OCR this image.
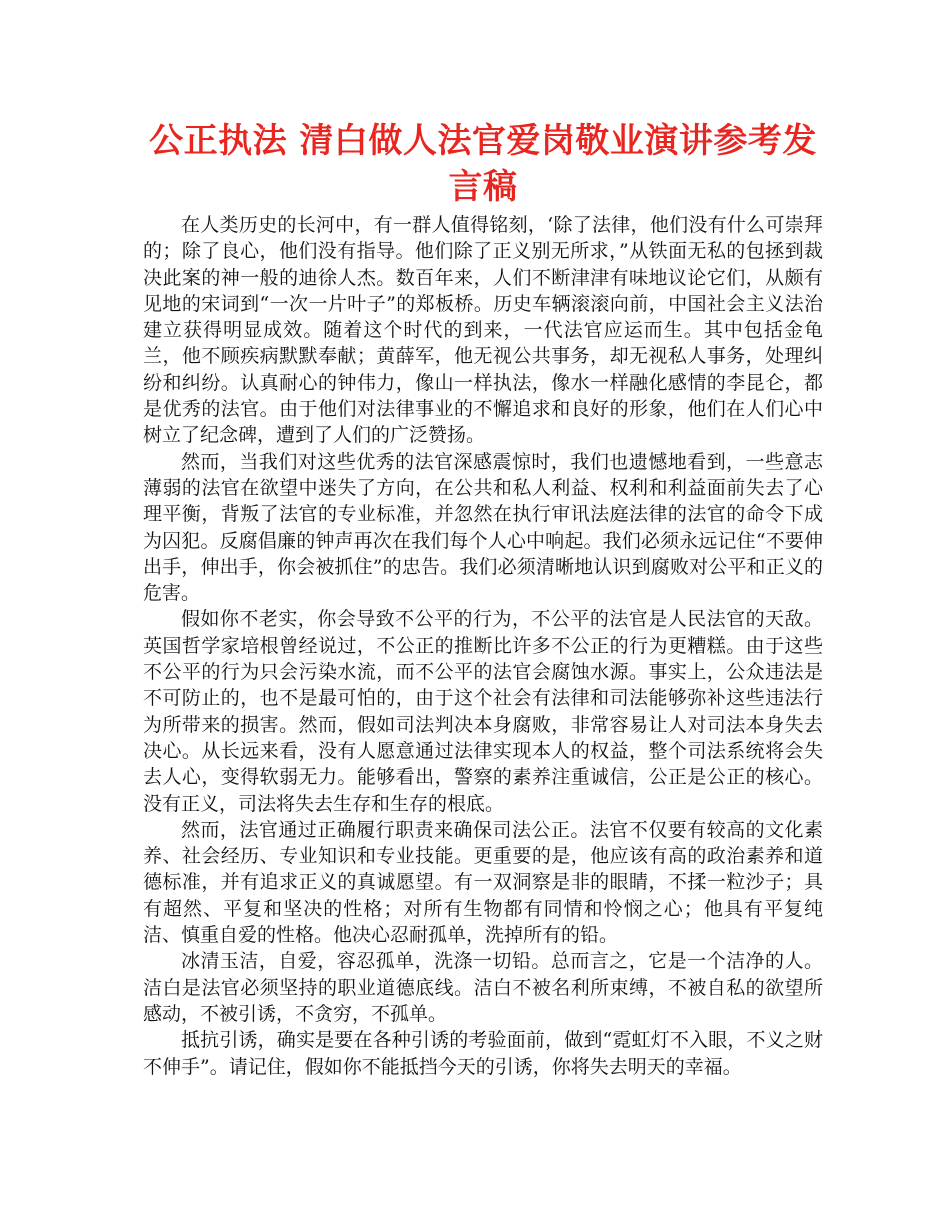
公正执法 清白做人法官爱岗敬业演讲参考发言稿

在人类历史的长河中，有一群人值得铭刻，‘除了法律，他们没有什么可崇拜的；除了良心，他们没有指导。他们除了正义别无所求，”从铁面无私的包拯到裁决此案的神一般的迪徐人杰。数百年来，人们不断津津有味地议论它们，从颇有见地的宋词到“一次一片叶子”的郑板桥。历史车辆滚滚向前，中国社会主义法治建立获得明显成效。随着这个时代的到来，一代法官应运而生。其中包括金龟兰，他不顾疾病默默奉献；黄薛军，他无视公共事务，却无视私人事务，处理纠纷和纠纷。认真耐心的钟伟力，像山一样执法，像水一样融化感情的李昆仑，都是优秀的法官。由于他们对法律事业的不懈追求和良好的形象，他们在人们心中树立了纪念碑，遭到了人们的广泛赞扬。

然而，当我们对这些优秀的法官深感震惊时，我们也遗憾地看到，一些意志薄弱的法官在欲望中迷失了方向，在公共和私人利益、权利和利益面前失去了心理平衡，背叛了法官的专业标准，并忽然在执行审讯法庭法律的法官的命令下成为囚犯。反腐倡廉的钟声再次在我们每个人心中响起。我们必须永远记住“不要伸出手，伸出手，你会被抓住”的忠告。我们必须清晰地认识到腐败对公平和正义的危害。

假如你不老实，你会导致不公平的行为，不公平的法官是人民法官的天敌。英国哲学家培根曾经说过，不公正的推断比许多不公正的行为更糟糕。由于这些不公平的行为只会污染水流，而不公平的法官会腐蚀水源。事实上，公众违法是不可防止的，也不是最可怕的，由于这个社会有法律和司法能够弥补这些违法行为所带来的损害。然而，假如司法判决本身腐败，非常容易让人对司法本身失去决心。从长远来看，没有人愿意通过法律实现本人的权益，整个司法系统将会失去人心，变得软弱无力。能够看出，警察的素养注重诚信，公正是公正的核心。没有正义，司法将失去生存和生存的根底。

然而，法官通过正确履行职责来确保司法公正。法官不仅要有较高的文化素养、社会经历、专业知识和专业技能。更重要的是，他应该有高的政治素养和道德标准，并有追求正义的真诚愿望。有一双洞察是非的眼睛，不揉一粒沙子；具有超然、平复和坚决的性格；对所有生物都有同情和怜悯之心；他具有平复纯洁、慎重自爱的性格。他决心忍耐孤单，洗掉所有的铅。

冰清玉洁，自爱，容忍孤单，洗涤一切铅。总而言之，它是一个洁净的人。洁白是法官必须坚持的职业道德底线。洁白不被名利所束缚，不被自私的欲望所感动，不被引诱，不贪穷，不孤单。

抵抗引诱，确实是要在各种引诱的考验面前，做到“霓虹灯不入眼，不义之财不伸手”。请记住，假如你不能抵挡今天的引诱，你将失去明天的幸福。
